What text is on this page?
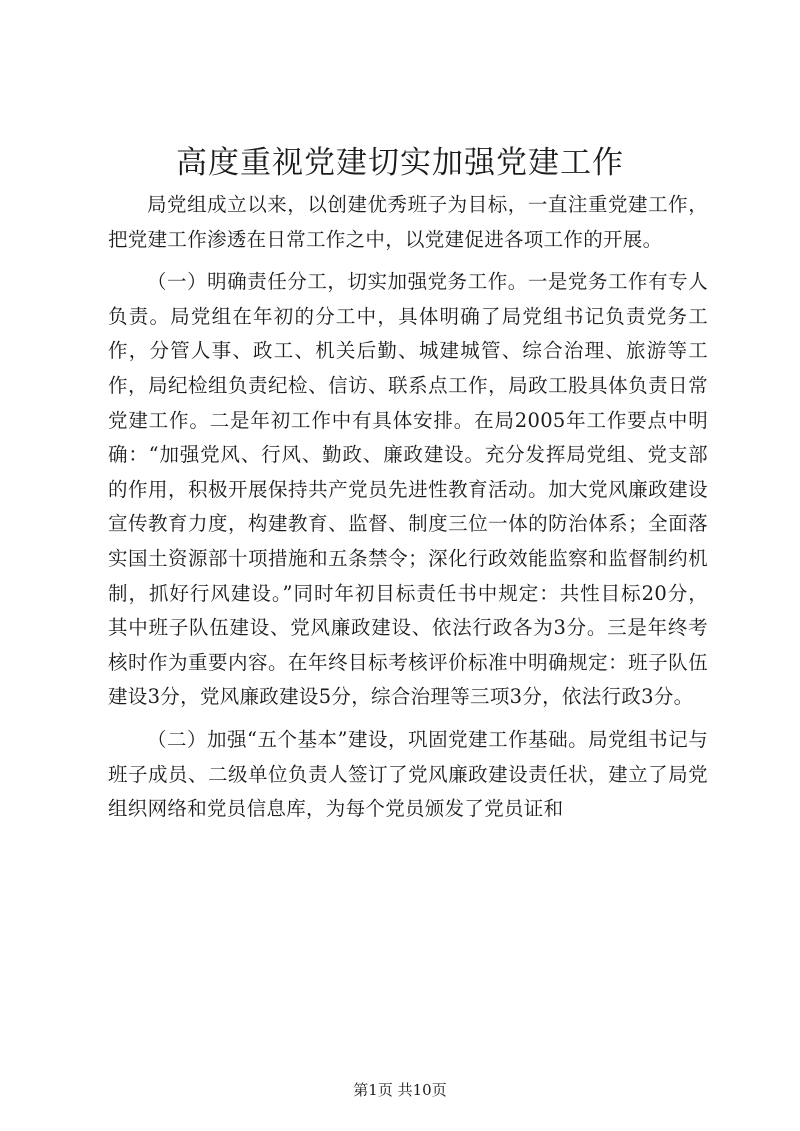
高度重视党建切实加强党建工作

局党组成立以来，以创建优秀班子为目标，一直注重党建工作，把党建工作渗透在日常工作之中，以党建促进各项工作的开展。

（一）明确责任分工，切实加强党务工作。一是党务工作有专人负责。局党组在年初的分工中，具体明确了局党组书记负责党务工作，分管人事、政工、机关后勤、城建城管、综合治理、旅游等工作，局纪检组负责纪检、信访、联系点工作，局政工股具体负责日常党建工作。二是年初工作中有具体安排。在局2005年工作要点中明确：“加强党风、行风、勤政、廉政建设。充分发挥局党组、党支部的作用，积极开展保持共产党员先进性教育活动。加大党风廉政建设宣传教育力度，构建教育、监督、制度三位一体的防治体系；全面落实国土资源部十项措施和五条禁令；深化行政效能监察和监督制约机制，抓好行风建设。”同时年初目标责任书中规定：共性目标20分，其中班子队伍建设、党风廉政建设、依法行政各为3分。三是年终考核时作为重要内容。在年终目标考核评价标准中明确规定：班子队伍建设3分，党风廉政建设5分，综合治理等三项3分，依法行政3分。

（二）加强“五个基本”建设，巩固党建工作基础。局党组书记与班子成员、二级单位负责人签订了党风廉政建设责任状，建立了局党组织网络和党员信息库，为每个党员颁发了党员证和

第1页 共10页
